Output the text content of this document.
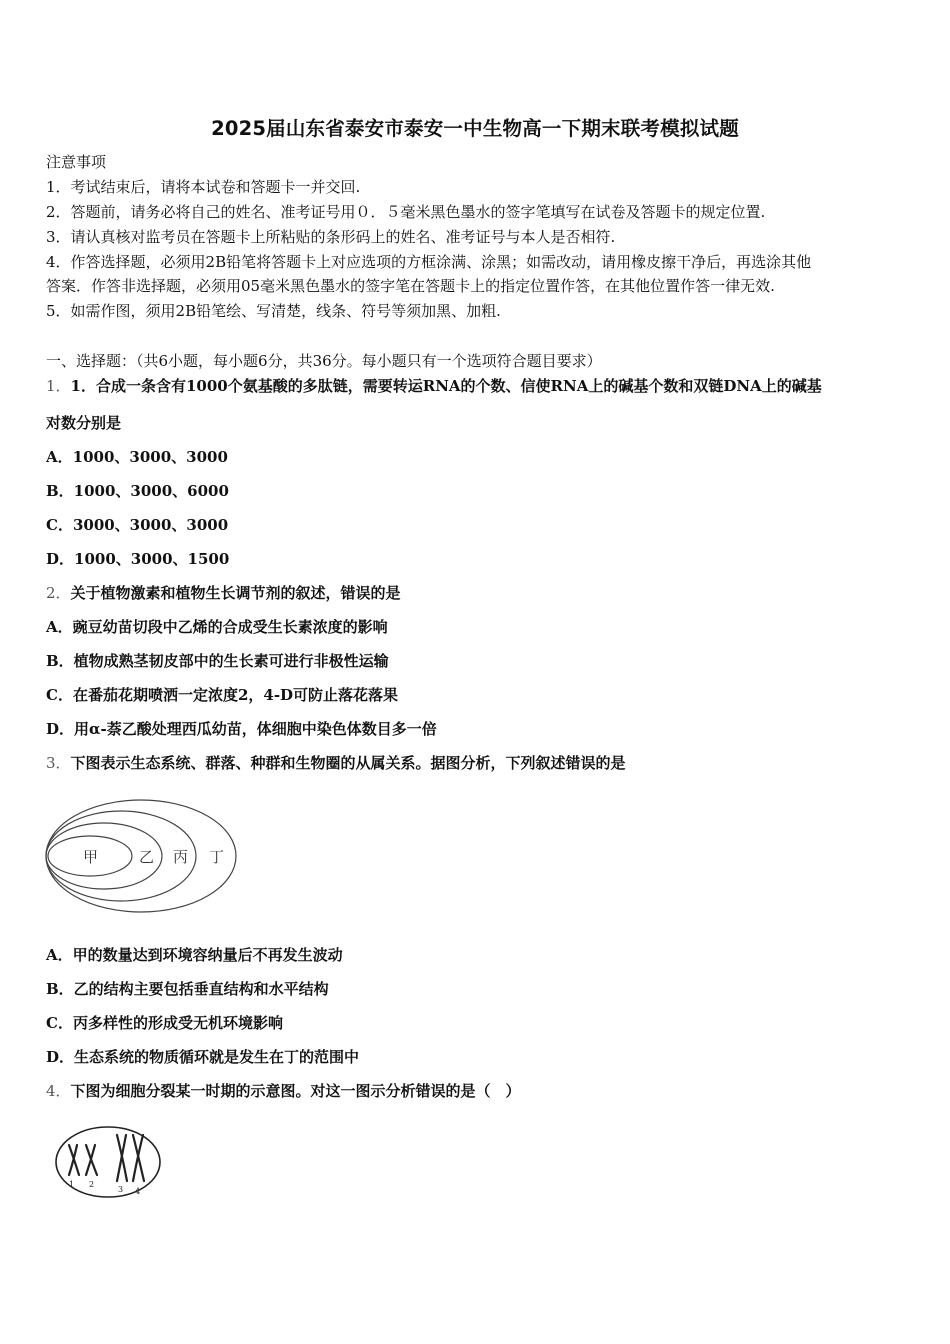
2025届山东省泰安市泰安一中生物高一下期末联考模拟试题
注意事项
1．考试结束后，请将本试卷和答题卡一并交回.
2．答题前，请务必将自己的姓名、准考证号用０．５毫米黑色墨水的签字笔填写在试卷及答题卡的规定位置.
3．请认真核对监考员在答题卡上所粘贴的条形码上的姓名、准考证号与本人是否相符.
4．作答选择题，必须用2B铅笔将答题卡上对应选项的方框涂满、涂黑；如需改动，请用橡皮擦干净后，再选涂其他
答案．作答非选择题，必须用05毫米黑色墨水的签字笔在答题卡上的指定位置作答，在其他位置作答一律无效.
5．如需作图，须用2B铅笔绘、写清楚，线条、符号等须加黑、加粗.
一、选择题：（共6小题，每小题6分，共36分。每小题只有一个选项符合题目要求）
1．1．合成一条含有1000个氨基酸的多肽链，需要转运RNA的个数、信使RNA上的碱基个数和双链DNA上的碱基
对数分别是
A．1000、3000、3000
B．1000、3000、6000
C．3000、3000、3000
D．1000、3000、1500
2．关于植物激素和植物生长调节剂的叙述，错误的是
A．豌豆幼苗切段中乙烯的合成受生长素浓度的影响
B．植物成熟茎韧皮部中的生长素可进行非极性运输
C．在番茄花期喷洒一定浓度2，4-D可防止落花落果
D．用α-萘乙酸处理西瓜幼苗，体细胞中染色体数目多一倍
3．下图表示生态系统、群落、种群和生物圈的从属关系。据图分析，下列叙述错误的是
甲	乙 丙 丁
A．甲的数量达到环境容纳量后不再发生波动
B．乙的结构主要包括垂直结构和水平结构
C．丙多样性的形成受无机环境影响
D．生态系统的物质循环就是发生在丁的范围中
4．下图为细胞分裂某一时期的示意图。对这一图示分析错误的是（　）
1 2
3 4
